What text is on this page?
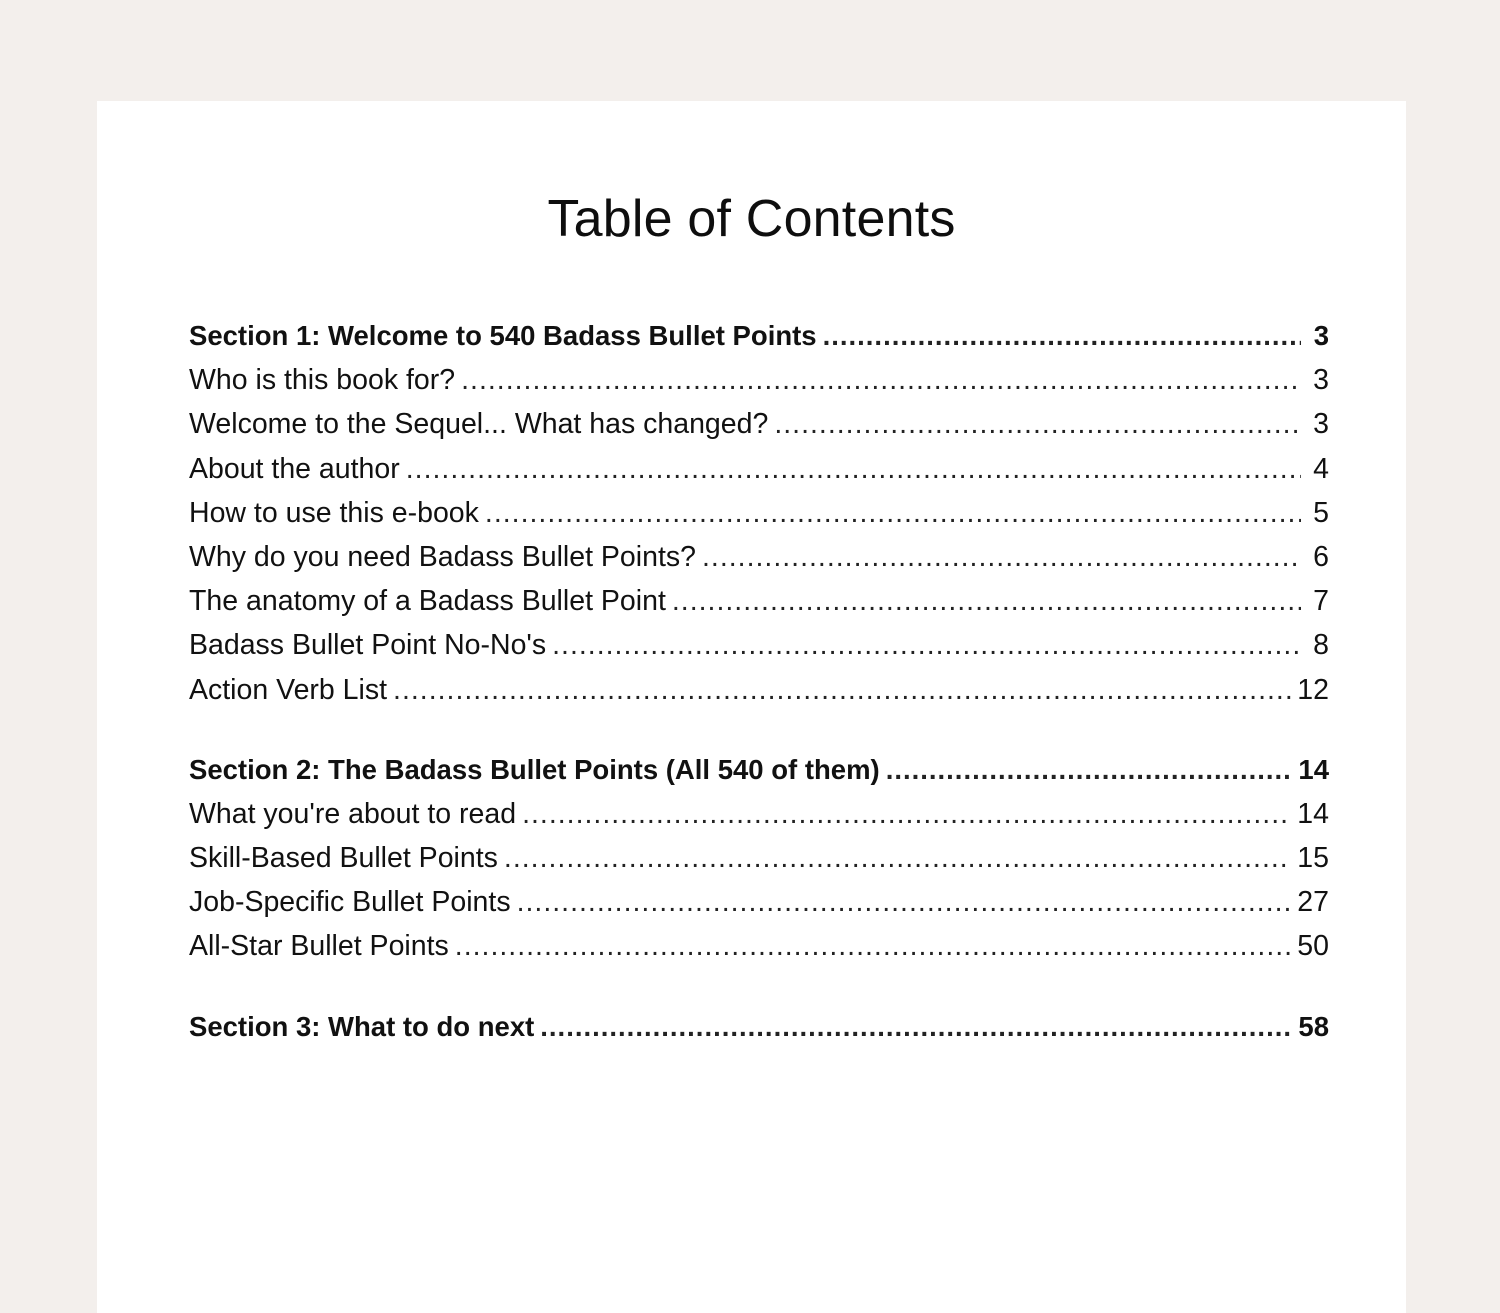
Table of Contents
Section 1: Welcome to 540 Badass Bullet Points .....	3
Who is this book for? .....	3
Welcome to the Sequel... What has changed? .....	3
About the author .....	4
How to use this e-book .....	5
Why do you need Badass Bullet Points? .....	6
The anatomy of a Badass Bullet Point .....	7
Badass Bullet Point No-No's .....	8
Action Verb List .....	12
Section 2: The Badass Bullet Points (All 540 of them) .....	14
What you're about to read .....	14
Skill-Based Bullet Points .....	15
Job-Specific Bullet Points .....	27
All-Star Bullet Points .....	50
Section 3: What to do next .....	58
